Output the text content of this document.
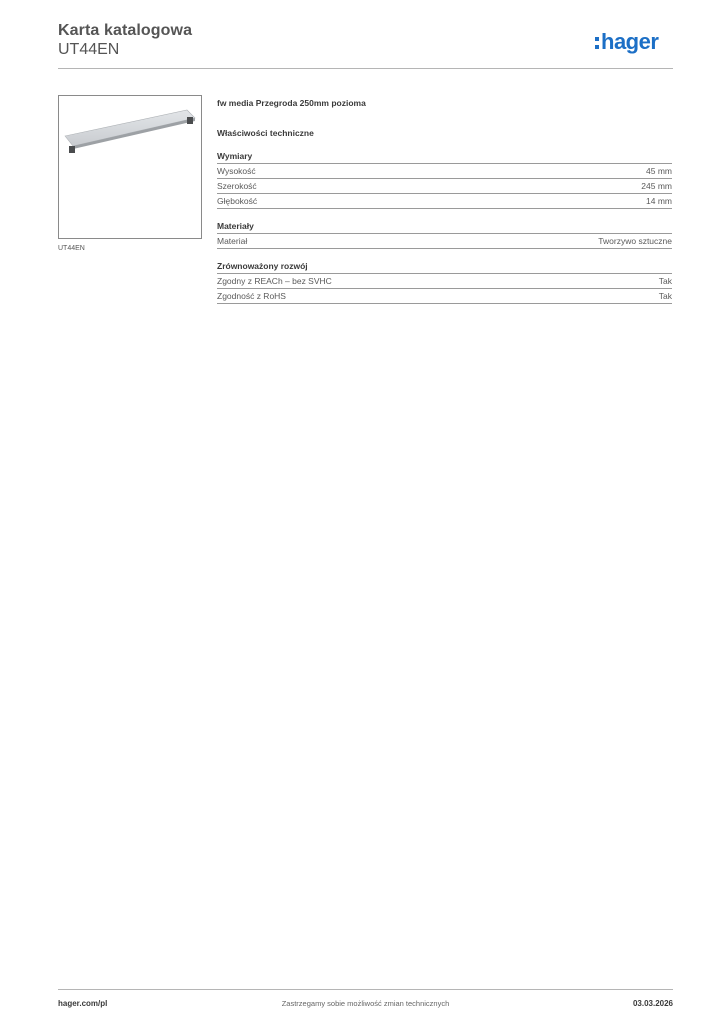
Karta katalogowa
UT44EN	hager
UT44EN
fw media Przegroda 250mm pozioma
Właściwości techniczne
Wymiary
Wysokość	45 mm
Szerokość	245 mm
Głębokość	14 mm
Materiały
Materiał	Tworzywo sztuczne
Zrównoważony rozwój
Zgodny z REACh – bez SVHC	Tak
Zgodność z RoHS	Tak
Zastrzegamy sobie możliwość zmian technicznych
hager.com/pl	03.03.2026
